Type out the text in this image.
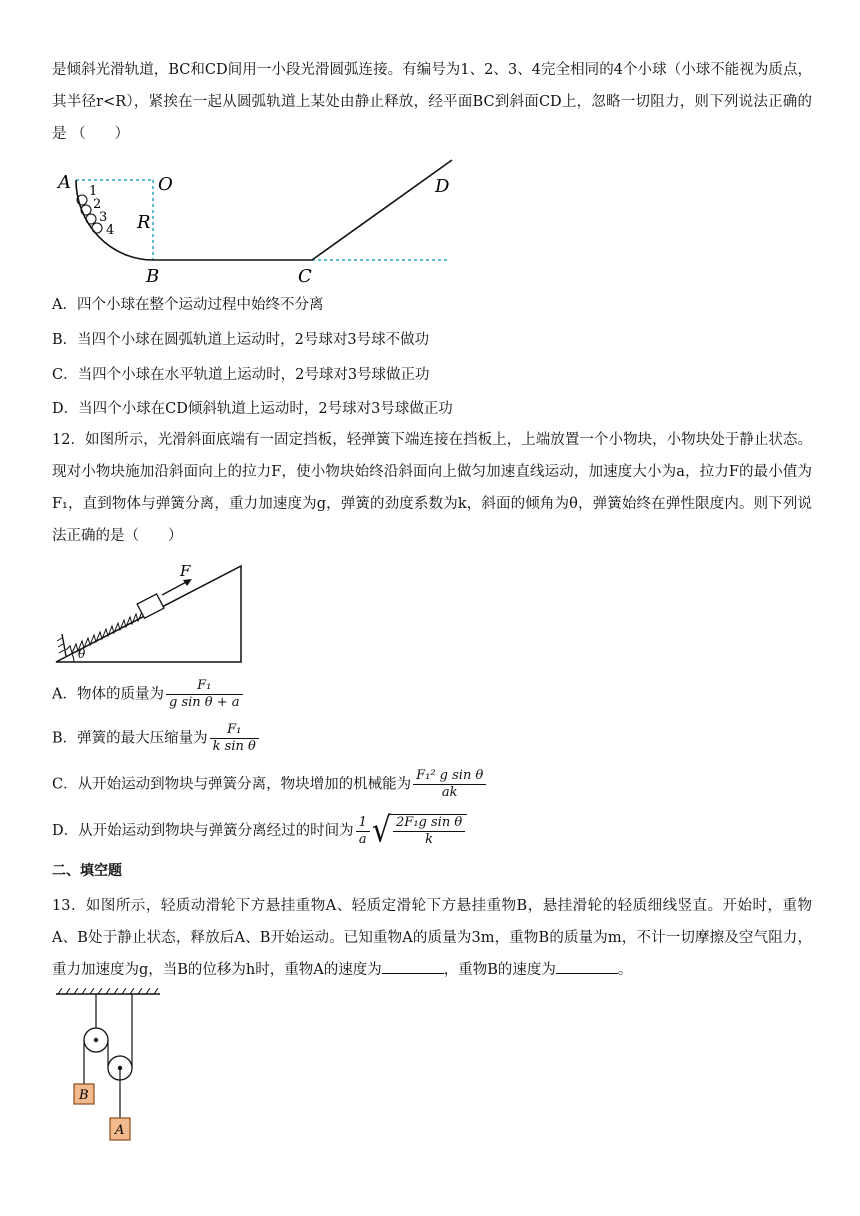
是倾斜光滑轨道，BC和CD间用一小段光滑圆弧连接。有编号为1、2、3、4完全相同的4个小球（小球不能视为质点，其半径r<R），紧挨在一起从圆弧轨道上某处由静止释放，经平面BC到斜面CD上，忽略一切阻力，则下列说法正确的是 （　　）
1
2
3
4
A	O
R
B	C
D
A．四个小球在整个运动过程中始终不分离
B．当四个小球在圆弧轨道上运动时，2号球对3号球不做功
C．当四个小球在水平轨道上运动时，2号球对3号球做正功
D．当四个小球在CD倾斜轨道上运动时，2号球对3号球做正功
12．如图所示，光滑斜面底端有一固定挡板，轻弹簧下端连接在挡板上，上端放置一个小物块，小物块处于静止状态。现对小物块施加沿斜面向上的拉力F，使小物块始终沿斜面向上做匀加速直线运动，加速度大小为a，拉力F的最小值为F₁，直到物体与弹簧分离，重力加速度为g，弹簧的劲度系数为k，斜面的倾角为θ，弹簧始终在弹性限度内。则下列说法正确的是（　　）
F
θ
A．物体的质量为 $\frac{\text{F₁}}{\text{g sin θ + a}}$
B．弹簧的最大压缩量为 $\frac{\text{F₁}}{\text{k sin θ}}$
C．从开始运动到物块与弹簧分离，物块增加的机械能为 $\frac{\text{F₁² g sin θ}}{ak}$
D．从开始运动到物块与弹簧分离经过的时间为 $\frac{1}{a}$ √ $\frac{\text{2F₁g sin θ}}{k}$
二、填空题
13．如图所示，轻质动滑轮下方悬挂重物A、轻质定滑轮下方悬挂重物B，悬挂滑轮的轻质细线竖直。开始时，重物A、B处于静止状态，释放后A、B开始运动。已知重物A的质量为3m，重物B的质量为m，不计一切摩擦及空气阻力，重力加速度为g，当B的位移为h时，重物A的速度为	，重物B的速度为	。
B
A
